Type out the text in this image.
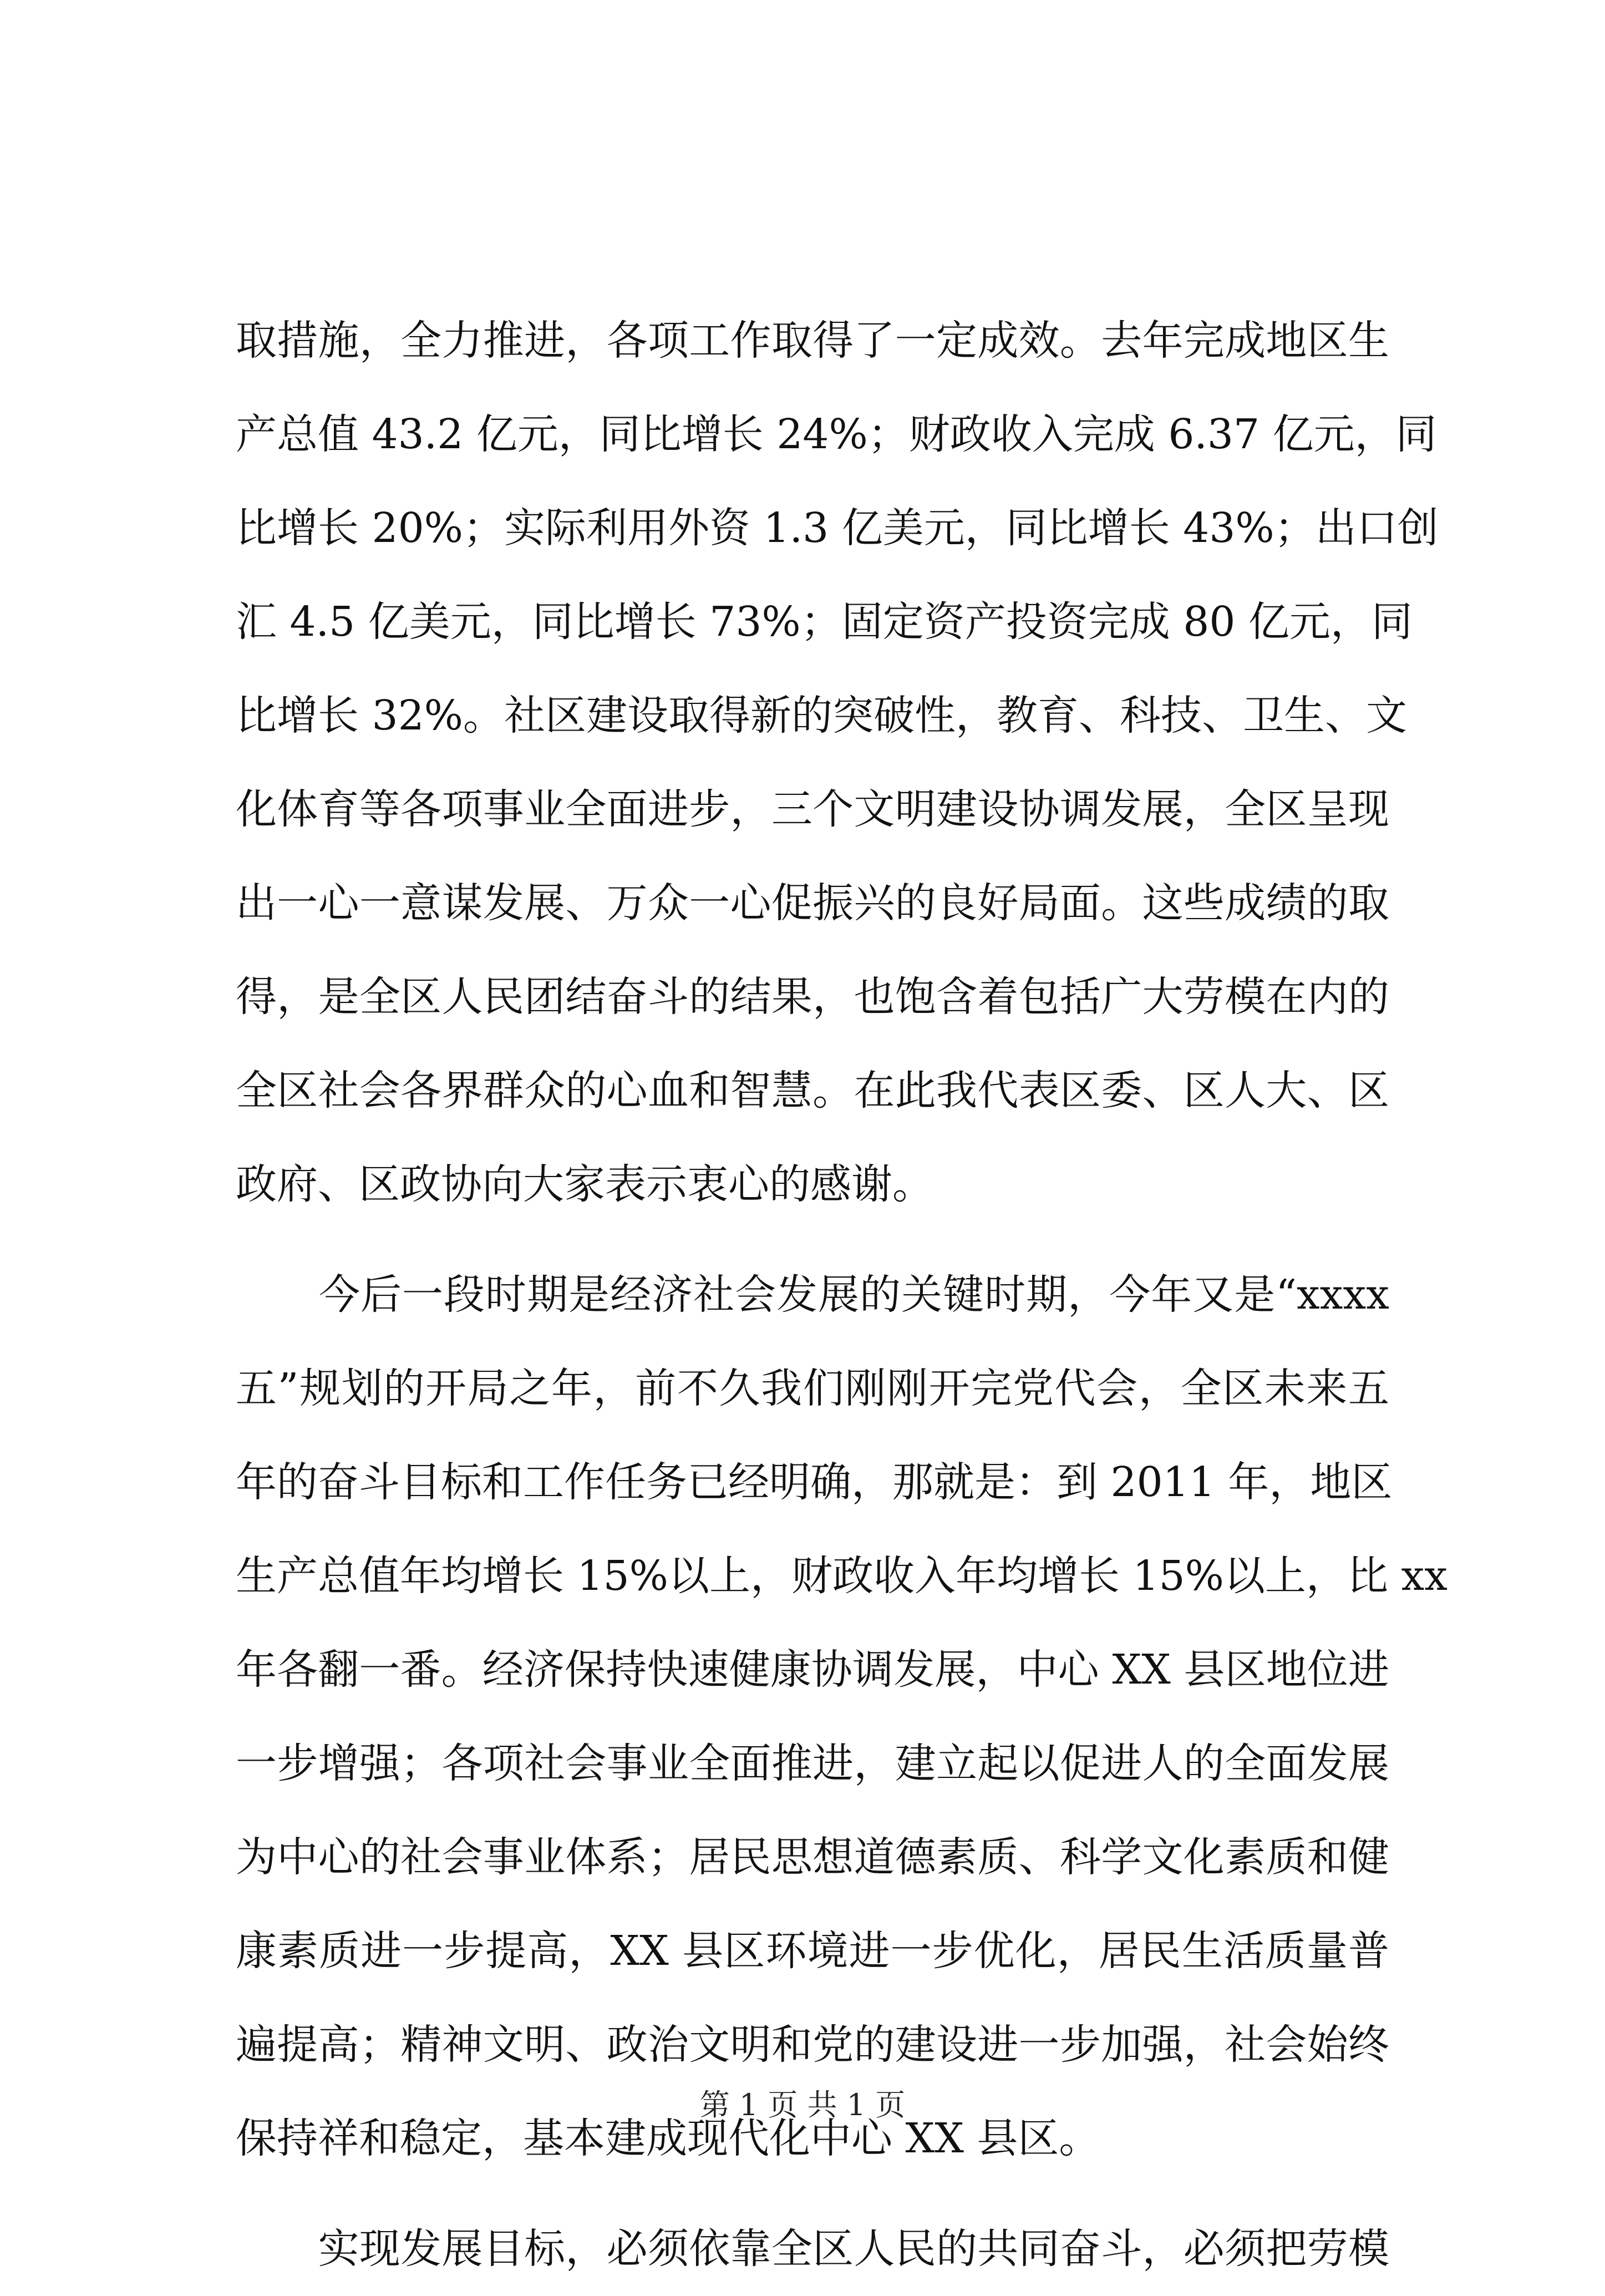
取措施，全力推进，各项工作取得了一定成效。去年完成地区生
产总值 43.2 亿元，同比增长 24%；财政收入完成 6.37 亿元，同
比增长 20%；实际利用外资 1.3 亿美元，同比增长 43%；出口创
汇 4.5 亿美元，同比增长 73%；固定资产投资完成 80 亿元，同
比增长 32%。社区建设取得新的突破性，教育、科技、卫生、文
化体育等各项事业全面进步，三个文明建设协调发展，全区呈现
出一心一意谋发展、万众一心促振兴的良好局面。这些成绩的取
得，是全区人民团结奋斗的结果，也饱含着包括广大劳模在内的
全区社会各界群众的心血和智慧。在此我代表区委、区人大、区
政府、区政协向大家表示衷心的感谢。
　　今后一段时期是经济社会发展的关键时期，今年又是“xxxx
五”规划的开局之年，前不久我们刚刚开完党代会，全区未来五
年的奋斗目标和工作任务已经明确，那就是：到 2011 年，地区
生产总值年均增长 15%以上，财政收入年均增长 15%以上，比 xx
年各翻一番。经济保持快速健康协调发展，中心 XX 县区地位进
一步增强；各项社会事业全面推进，建立起以促进人的全面发展
为中心的社会事业体系；居民思想道德素质、科学文化素质和健
康素质进一步提高，XX 县区环境进一步优化，居民生活质量普
遍提高；精神文明、政治文明和党的建设进一步加强，社会始终
保持祥和稳定，基本建成现代化中心 XX 县区。
　　实现发展目标，必须依靠全区人民的共同奋斗，必须把劳模
第 1 页 共 1 页
